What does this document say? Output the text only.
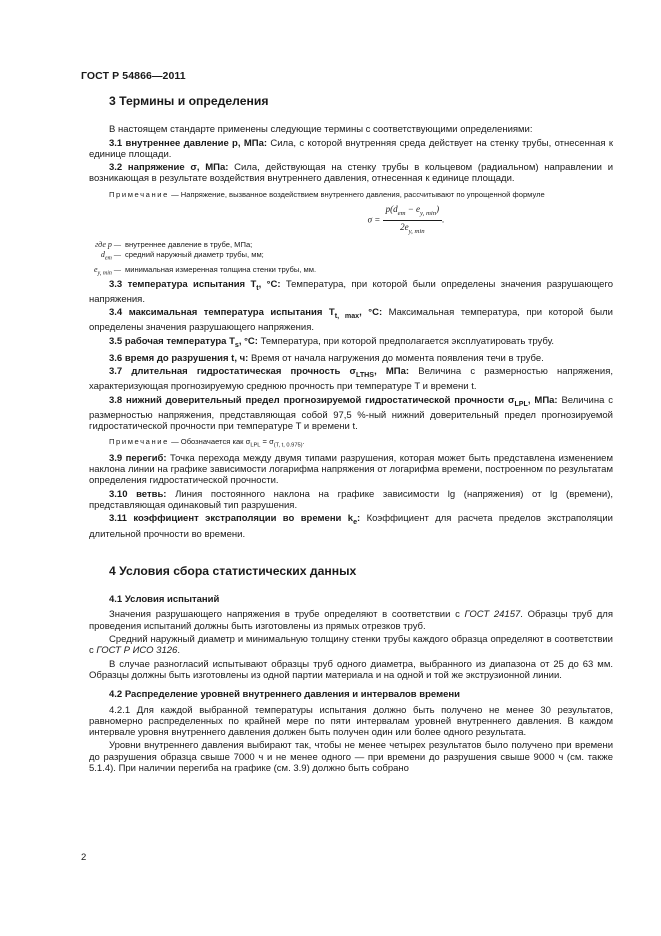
ГОСТ Р 54866—2011
3 Термины и определения

В настоящем стандарте применены следующие термины с соответствующими определениями:

3.1 внутреннее давление p, МПа: Сила, с которой внутренняя среда действует на стенку трубы, отнесенная к единице площади.

3.2 напряжение σ, МПа: Сила, действующая на стенку трубы в кольцевом (радиальном) направлении и возникающая в результате воздействия внутреннего давления, отнесенная к единице площади.

Примечание — Напряжение, вызванное воздействием внутреннего давления, рассчитывают по упрощенной формуле
$\sigma = \frac{p(d_{em} - e_{y, min})}{2e_{y, min}}$ .
где p — внутреннее давление в трубе, МПа;
$d_{em}$ — средний наружный диаметр трубы, мм;
$e_{y, min}$ — минимальная измеренная толщина стенки трубы, мм.

3.3 температура испытания $T_t$, °С: Температура, при которой были определены значения разрушающего напряжения.

3.4 максимальная температура испытания $T_{t, max}$, °С: Максимальная температура, при которой были определены значения разрушающего напряжения.

3.5 рабочая температура $T_s$, °С: Температура, при которой предполагается эксплуатировать трубу.

3.6 время до разрушения t, ч: Время от начала нагружения до момента появления течи в трубе.

3.7 длительная гидростатическая прочность $\sigma_{LTHS}$, МПа: Величина с размерностью напряжения, характеризующая прогнозируемую среднюю прочность при температуре T и времени t.

3.8 нижний доверительный предел прогнозируемой гидростатической прочности $\sigma_{LPL}$, МПа: Величина с размерностью напряжения, представляющая собой 97,5 %-ный нижний доверительный предел прогнозируемой гидростатической прочности при температуре T и времени t.

Примечание — Обозначается как $\sigma_{LPL} = \sigma_{(T, t, 0.975)}$.

3.9 перегиб: Точка перехода между двумя типами разрушения, которая может быть представлена изменением наклона линии на графике зависимости логарифма напряжения от логарифма времени, построенном по результатам определения гидростатической прочности.

3.10 ветвь: Линия постоянного наклона на графике зависимости lg (напряжения) от lg (времени), представляющая одинаковый тип разрушения.

3.11 коэффициент экстраполяции во времени $k_e$: Коэффициент для расчета пределов экстраполяции длительной прочности во времени.

4 Условия сбора статистических данных
4.1 Условия испытаний

Значения разрушающего напряжения в трубе определяют в соответствии с ГОСТ 24157. Образцы труб для проведения испытаний должны быть изготовлены из прямых отрезков труб.

Средний наружный диаметр и минимальную толщину стенки трубы каждого образца определяют в соответствии с ГОСТ Р ИСО 3126.

В случае разногласий испытывают образцы труб одного диаметра, выбранного из диапазона от 25 до 63 мм. Образцы должны быть изготовлены из одной партии материала и на одной и той же экструзионной линии.

4.2 Распределение уровней внутреннего давления и интервалов времени

4.2.1 Для каждой выбранной температуры испытания должно быть получено не менее 30 результатов, равномерно распределенных по крайней мере по пяти интервалам уровней внутреннего давления. В каждом интервале уровня внутреннего давления должен быть получен один или более одного результата.

Уровни внутреннего давления выбирают так, чтобы не менее четырех результатов было получено при времени до разрушения образца свыше 7000 ч и не менее одного — при времени до разрушения свыше 9000 ч (см. также 5.1.4). При наличии перегиба на графике (см. 3.9) должно быть собрано

2
